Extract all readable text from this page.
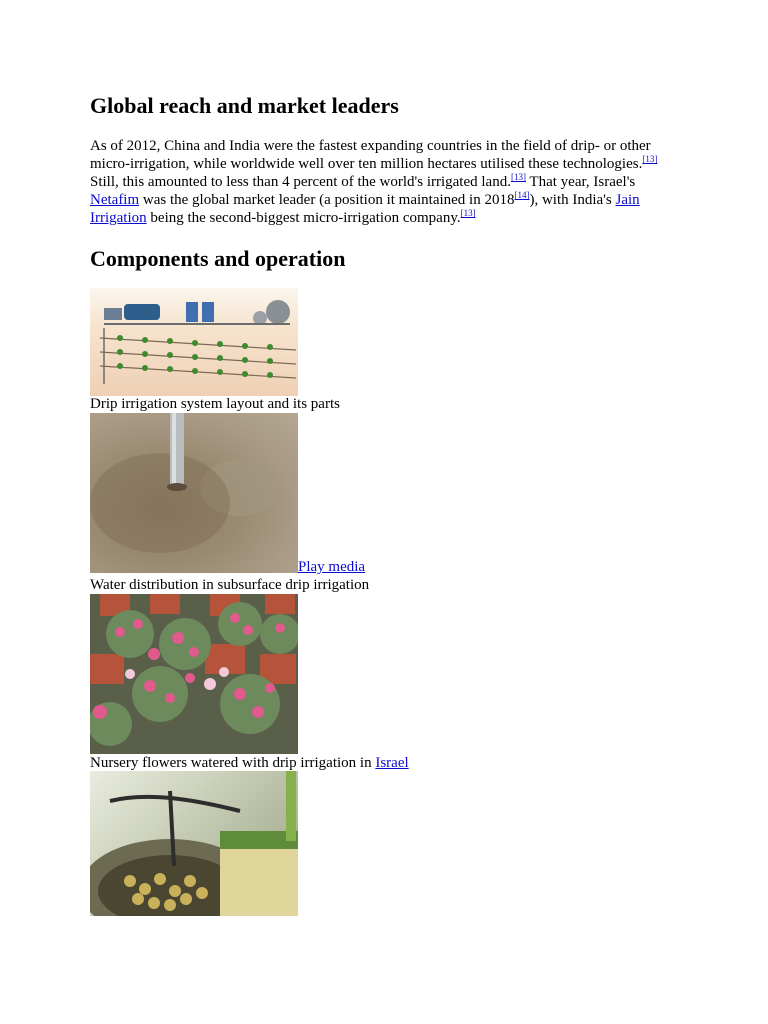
Global reach and market leaders
As of 2012, China and India were the fastest expanding countries in the field of drip- or other micro-irrigation, while worldwide well over ten million hectares utilised these technologies.[13] Still, this amounted to less than 4 percent of the world's irrigated land.[13] That year, Israel's Netafim was the global market leader (a position it maintained in 2018[14]), with India's Jain Irrigation being the second-biggest micro-irrigation company.[13]
Components and operation
Drip irrigation system layout and its parts
Play media
Water distribution in subsurface drip irrigation
Nursery flowers watered with drip irrigation in Israel
